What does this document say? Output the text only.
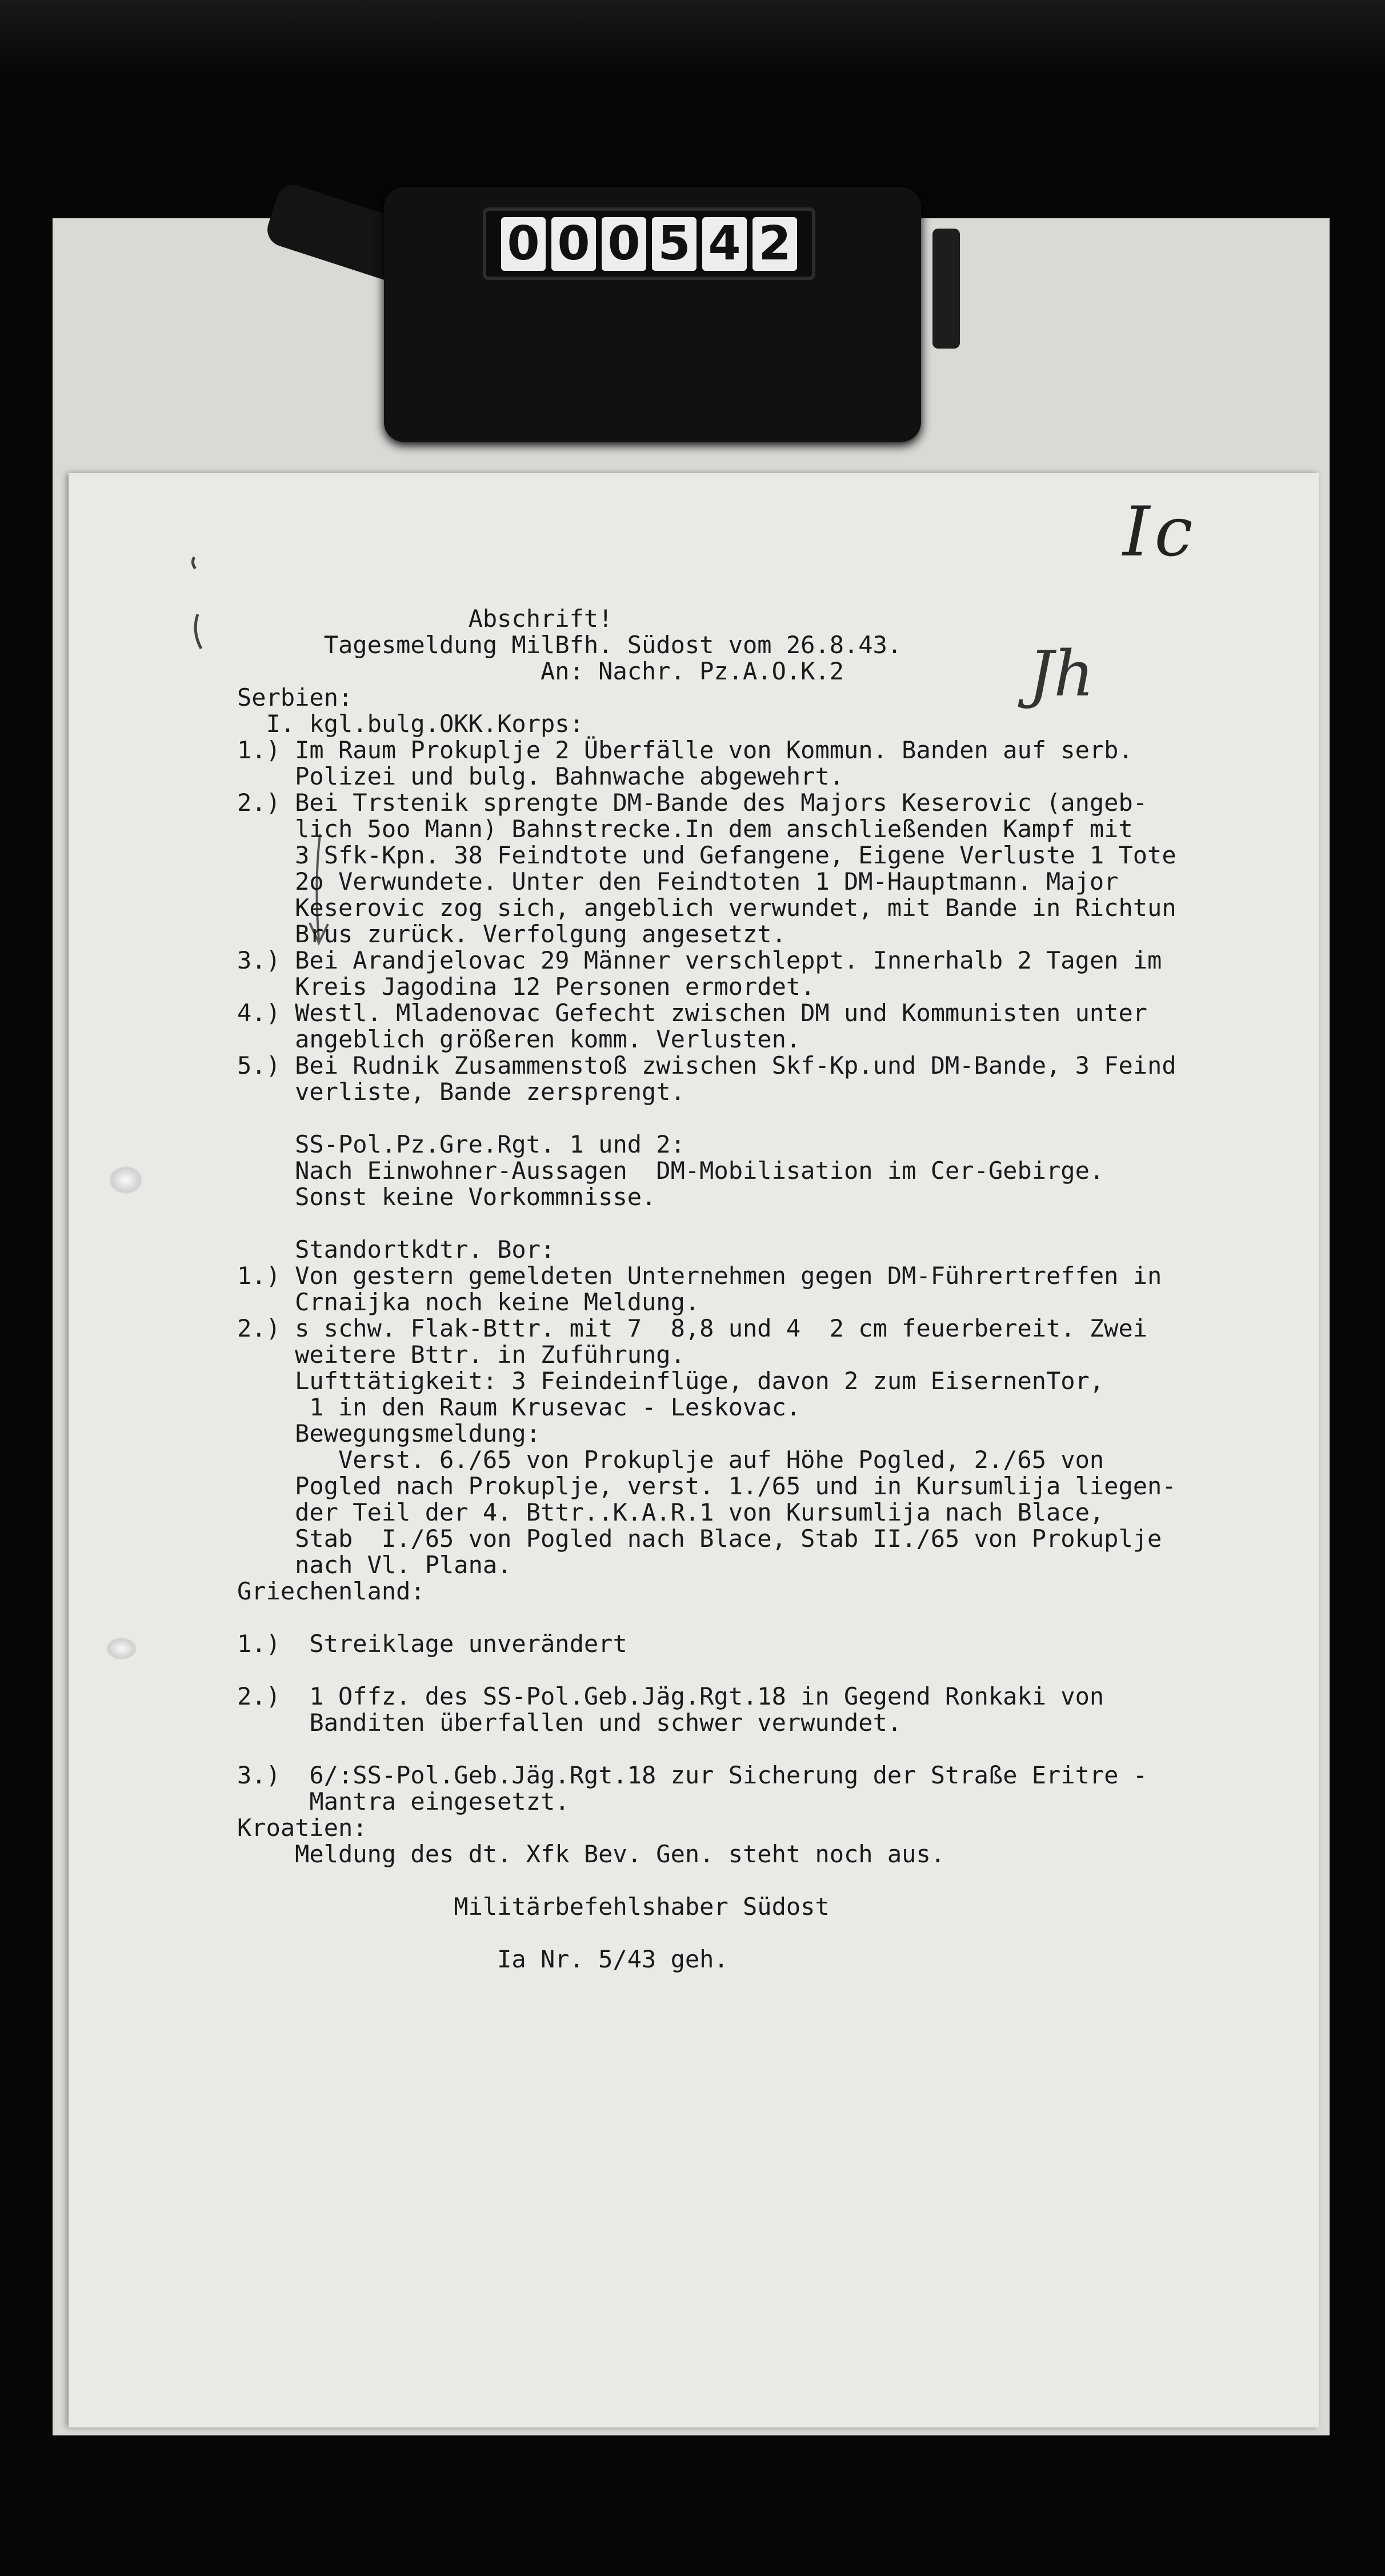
0 0 0 5 4 2
Ic
Jh
Abschrift!
Tagesmeldung MilBfh. Südost vom 26.8.43.
An: Nachr. Pz.A.O.K.2
Serbien:
I. kgl.bulg.OKK.Korps:
1.) Im Raum Prokuplje 2 Überfälle von Kommun. Banden auf serb.
Polizei und bulg. Bahnwache abgewehrt.
2.) Bei Trstenik sprengte DM-Bande des Majors Keserovic (angeb-
lich 5oo Mann) Bahnstrecke.In dem anschließenden Kampf mit
3 Sfk-Kpn. 38 Feindtote und Gefangene, Eigene Verluste 1 Tote
2o Verwundete. Unter den Feindtoten 1 DM-Hauptmann. Major
Keserovic zog sich, angeblich verwundet, mit Bande in Richtun
Brus zurück. Verfolgung angesetzt.
3.) Bei Arandjelovac 29 Männer verschleppt. Innerhalb 2 Tagen im
Kreis Jagodina 12 Personen ermordet.
4.) Westl. Mladenovac Gefecht zwischen DM und Kommunisten unter
angeblich größeren komm. Verlusten.
5.) Bei Rudnik Zusammenstoß zwischen Skf-Kp.und DM-Bande, 3 Feind
verliste, Bande zersprengt.
SS-Pol.Pz.Gre.Rgt. 1 und 2:
Nach Einwohner-Aussagen  DM-Mobilisation im Cer-Gebirge.
Sonst keine Vorkommnisse.
Standortkdtr. Bor:
1.) Von gestern gemeldeten Unternehmen gegen DM-Führertreffen in
Crnaijka noch keine Meldung.
2.) s schw. Flak-Bttr. mit 7  8,8 und 4  2 cm feuerbereit. Zwei
weitere Bttr. in Zuführung.
Lufttätigkeit: 3 Feindeinflüge, davon 2 zum EisernenTor,
1 in den Raum Krusevac - Leskovac.
Bewegungsmeldung:
Verst. 6./65 von Prokuplje auf Höhe Pogled, 2./65 von
Pogled nach Prokuplje, verst. 1./65 und in Kursumlija liegen-
der Teil der 4. Bttr..K.A.R.1 von Kursumlija nach Blace,
Stab  I./65 von Pogled nach Blace, Stab II./65 von Prokuplje
nach Vl. Plana.
Griechenland:
1.)  Streiklage unverändert
2.)  1 Offz. des SS-Pol.Geb.Jäg.Rgt.18 in Gegend Ronkaki von
Banditen überfallen und schwer verwundet.
3.)  6/:SS-Pol.Geb.Jäg.Rgt.18 zur Sicherung der Straße Eritre -
Mantra eingesetzt.
Kroatien:
Meldung des dt. Xfk Bev. Gen. steht noch aus.
Militärbefehlshaber Südost
Ia Nr. 5/43 geh.
